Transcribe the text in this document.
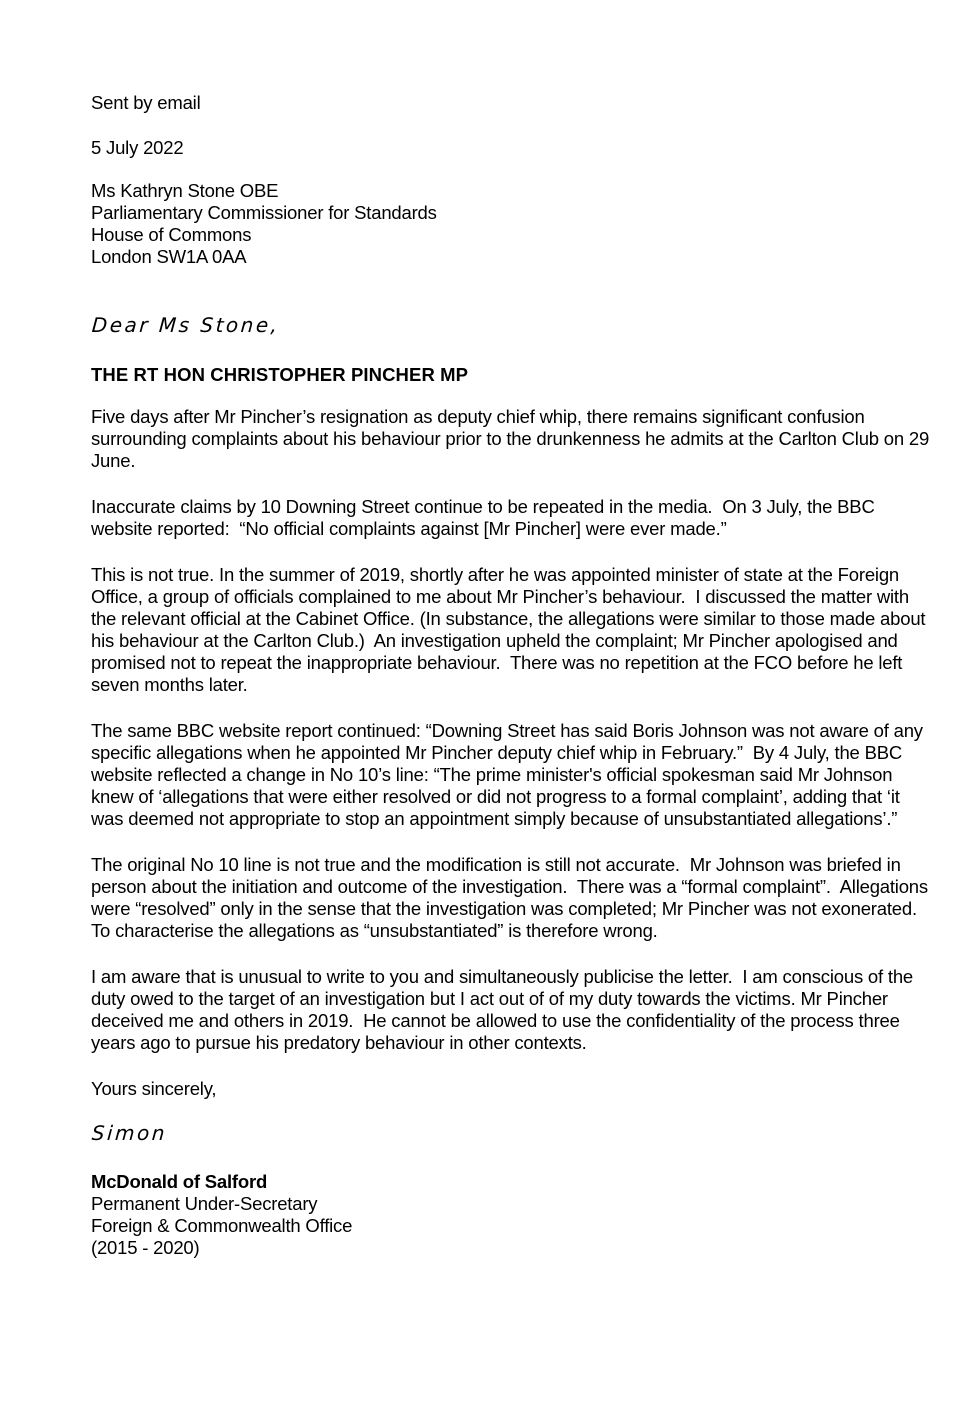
Sent by email
5 July 2022
Ms Kathryn Stone OBE
Parliamentary Commissioner for Standards
House of Commons
London SW1A 0AA
Dear Ms Stone,
THE RT HON CHRISTOPHER PINCHER MP
Five days after Mr Pincher’s resignation as deputy chief whip, there remains significant confusion surrounding complaints about his behaviour prior to the drunkenness he admits at the Carlton Club on 29 June.
Inaccurate claims by 10 Downing Street continue to be repeated in the media.  On 3 July, the BBC website reported:  “No official complaints against [Mr Pincher] were ever made.”
This is not true. In the summer of 2019, shortly after he was appointed minister of state at the Foreign Office, a group of officials complained to me about Mr Pincher’s behaviour.  I discussed the matter with the relevant official at the Cabinet Office. (In substance, the allegations were similar to those made about his behaviour at the Carlton Club.)  An investigation upheld the complaint; Mr Pincher apologised and promised not to repeat the inappropriate behaviour.  There was no repetition at the FCO before he left seven months later.
The same BBC website report continued: “Downing Street has said Boris Johnson was not aware of any specific allegations when he appointed Mr Pincher deputy chief whip in February.”  By 4 July, the BBC website reflected a change in No 10’s line: “The prime minister's official spokesman said Mr Johnson knew of ‘allegations that were either resolved or did not progress to a formal complaint’, adding that ‘it was deemed not appropriate to stop an appointment simply because of unsubstantiated allegations’.”
The original No 10 line is not true and the modification is still not accurate.  Mr Johnson was briefed in person about the initiation and outcome of the investigation.  There was a “formal complaint”.  Allegations were “resolved” only in the sense that the investigation was completed; Mr Pincher was not exonerated.  To characterise the allegations as “unsubstantiated” is therefore wrong.
I am aware that is unusual to write to you and simultaneously publicise the letter.  I am conscious of the duty owed to the target of an investigation but I act out of of my duty towards the victims. Mr Pincher deceived me and others in 2019.  He cannot be allowed to use the confidentiality of the process three years ago to pursue his predatory behaviour in other contexts.
Yours sincerely,
Simon
McDonald of Salford
Permanent Under-Secretary
Foreign & Commonwealth Office
(2015 - 2020)
